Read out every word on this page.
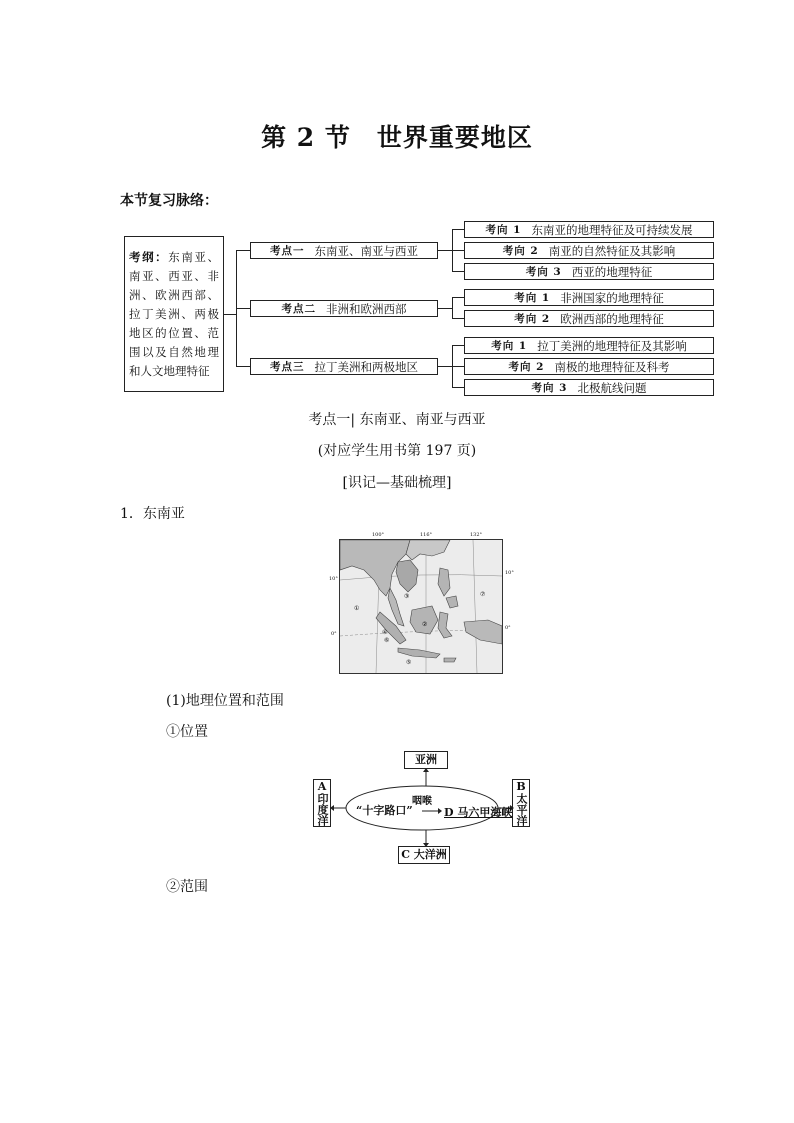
第 2 节　世界重要地区
本节复习脉络：
考纲：东南亚、南亚、西亚、非洲、欧洲西部、拉丁美洲、两极地区的位置、范围以及自然地理和人文地理特征
考点一 东南亚、南亚与西亚
考点二 非洲和欧洲西部
考点三 拉丁美洲和两极地区
考向 1 东南亚的地理特征及可持续发展
考向 2 南亚的自然特征及其影响
考向 3 西亚的地理特征
考向 1 非洲国家的地理特征
考向 2 欧洲西部的地理特征
考向 1 拉丁美洲的地理特征及其影响
考向 2 南极的地理特征及科考
考向 3 北极航线问题
考点一| 东南亚、南亚与西亚
(对应学生用书第 197 页)
[识记—基础梳理]
1．东南亚
①
②
③
④
⑤
⑥
⑦
100°	116°	132°
10°
10°
0°
0°
(1)地理位置和范围
①位置
亚洲
A
印度洋
B
太平洋
C 大洋洲
“十字路口”
咽喉
D 马六甲海峡
②范围
